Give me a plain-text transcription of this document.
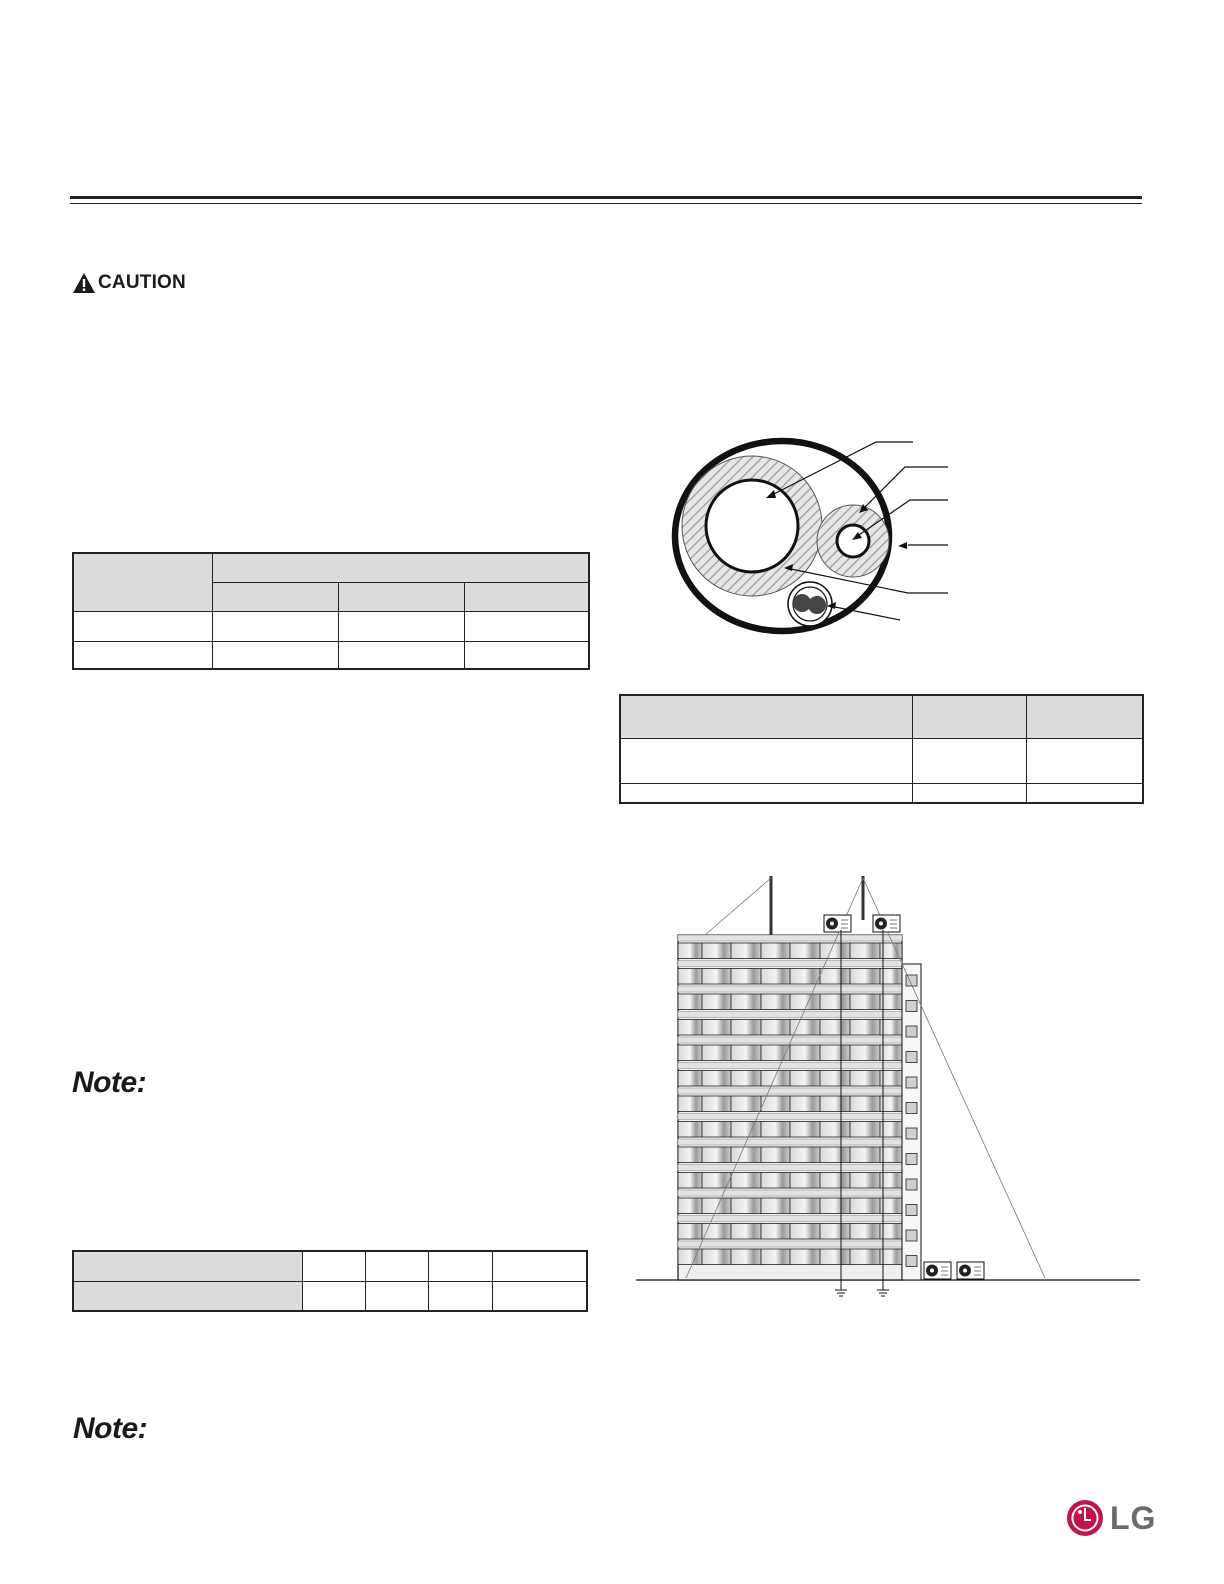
CAUTION

Note:

Note:

LG
